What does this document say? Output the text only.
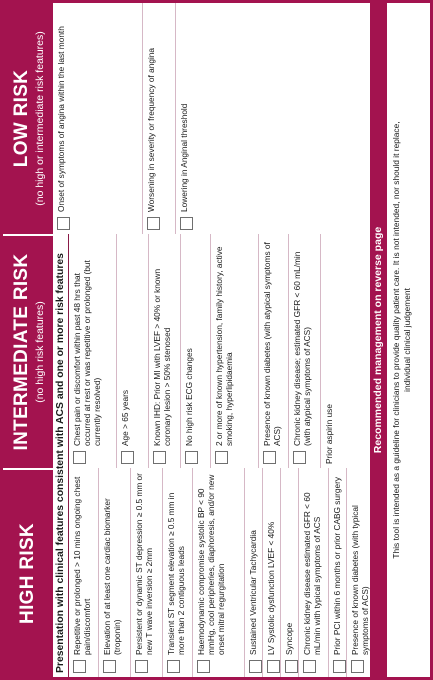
HIGH RISK
INTERMEDIATE RISK (no high risk features)
LOW RISK (no high or intermediate risk features)
Presentation with clinical features consistent with ACS and one or more risk features Repetitive or prolonged > 10 mins ongoing chest pain/discomfort	Elevation of at least one cardiac biomarker (troponin)	Persistent or dynamic ST depression ≥ 0.5 mm or new T wave inversion ≥ 2mm	Transient ST segment elevation ≥ 0.5 mm in more than 2 contiguous leads	Haemodynamic compromise systolic BP < 90 mmHg, cool peripheries, diaphoresis, and/or new onset mitral regurgitation	Sustained Ventricular Tachycardia LV Systolic dysfunction LVEF < 40% Syncope Chronic kidney disease estimated GFR < 60 mL/min with typical symptoms of ACS	Prior PCI within 6 months or prior CABG surgery Presence of known diabetes (with typical symptoms of ACS)
Chest pain or discomfort within past 48 hrs that occurred at rest or was repetitive or prolonged (but currently resolved)	Age > 65 years	Known IHD: Prior MI with LVEF > 40% or known coronary lesion > 50% stenosed	No high risk ECG changes	2 or more of known hypertension, family history, active smoking, hyperlipidaemia	Presence of known diabetes (with atypical symptoms of ACS)	Chronic kidney disease; estimated GFR < 60 mL/min (with atypical symptoms of ACS)	Prior aspirin use
Onset of symptoms of angina within the last month	Worsening in severity or frequency of angina	Lowering in Anginal threshold
Recommended management on reverse page This tool is intended as a guideline for clinicians to provide quality patient care. It is not intended, nor should it replace, individual clinical judgement
